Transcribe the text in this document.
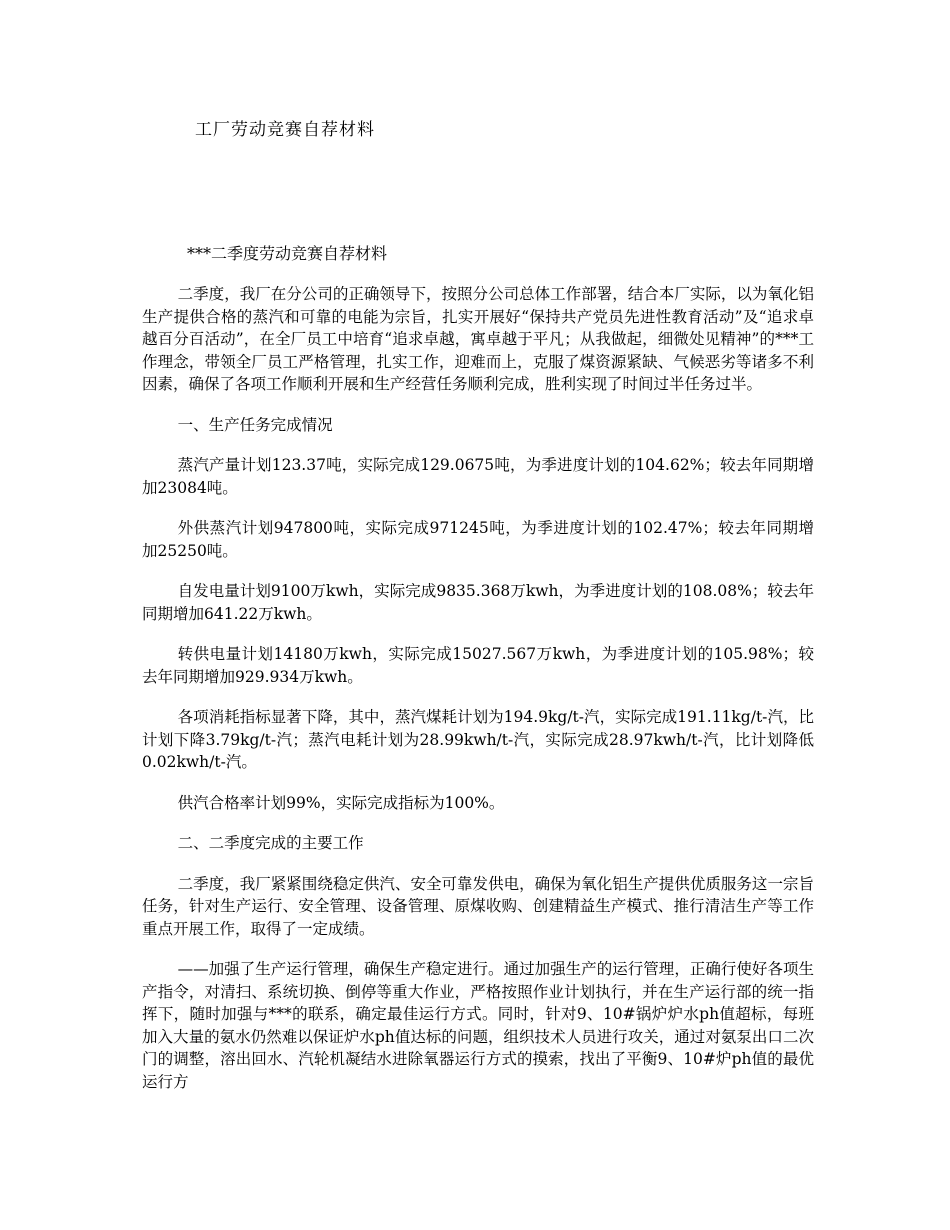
工厂劳动竞赛自荐材料
***二季度劳动竞赛自荐材料

二季度，我厂在分公司的正确领导下，按照分公司总体工作部署，结合本厂实际，以为氧化铝生产提供合格的蒸汽和可靠的电能为宗旨，扎实开展好“保持共产党员先进性教育活动”及“追求卓越百分百活动”，在全厂员工中培育“追求卓越，寓卓越于平凡；从我做起，细微处见精神”的***工作理念，带领全厂员工严格管理，扎实工作，迎难而上，克服了煤资源紧缺、气候恶劣等诸多不利因素，确保了各项工作顺利开展和生产经营任务顺利完成，胜利实现了时间过半任务过半。

一、生产任务完成情况

蒸汽产量计划123.37吨，实际完成129.0675吨，为季进度计划的104.62%；较去年同期增加23084吨。

外供蒸汽计划947800吨，实际完成971245吨，为季进度计划的102.47%；较去年同期增加25250吨。

自发电量计划9100万kwh，实际完成9835.368万kwh，为季进度计划的108.08%；较去年同期增加641.22万kwh。

转供电量计划14180万kwh，实际完成15027.567万kwh，为季进度计划的105.98%；较去年同期增加929.934万kwh。

各项消耗指标显著下降，其中，蒸汽煤耗计划为194.9kg/t-汽，实际完成191.11kg/t-汽，比计划下降3.79kg/t-汽；蒸汽电耗计划为28.99kwh/t-汽，实际完成28.97kwh/t-汽，比计划降低0.02kwh/t-汽。

供汽合格率计划99%，实际完成指标为100%。

二、二季度完成的主要工作

二季度，我厂紧紧围绕稳定供汽、安全可靠发供电，确保为氧化铝生产提供优质服务这一宗旨任务，针对生产运行、安全管理、设备管理、原煤收购、创建精益生产模式、推行清洁生产等工作重点开展工作，取得了一定成绩。

——加强了生产运行管理，确保生产稳定进行。通过加强生产的运行管理，正确行使好各项生产指令，对清扫、系统切换、倒停等重大作业，严格按照作业计划执行，并在生产运行部的统一指挥下，随时加强与***的联系，确定最佳运行方式。同时，针对9、10#锅炉炉水ph值超标，每班加入大量的氨水仍然难以保证炉水ph值达标的问题，组织技术人员进行攻关，通过对氨泵出口二次门的调整，溶出回水、汽轮机凝结水进除氧器运行方式的摸索，找出了平衡9、10#炉ph值的最优运行方
